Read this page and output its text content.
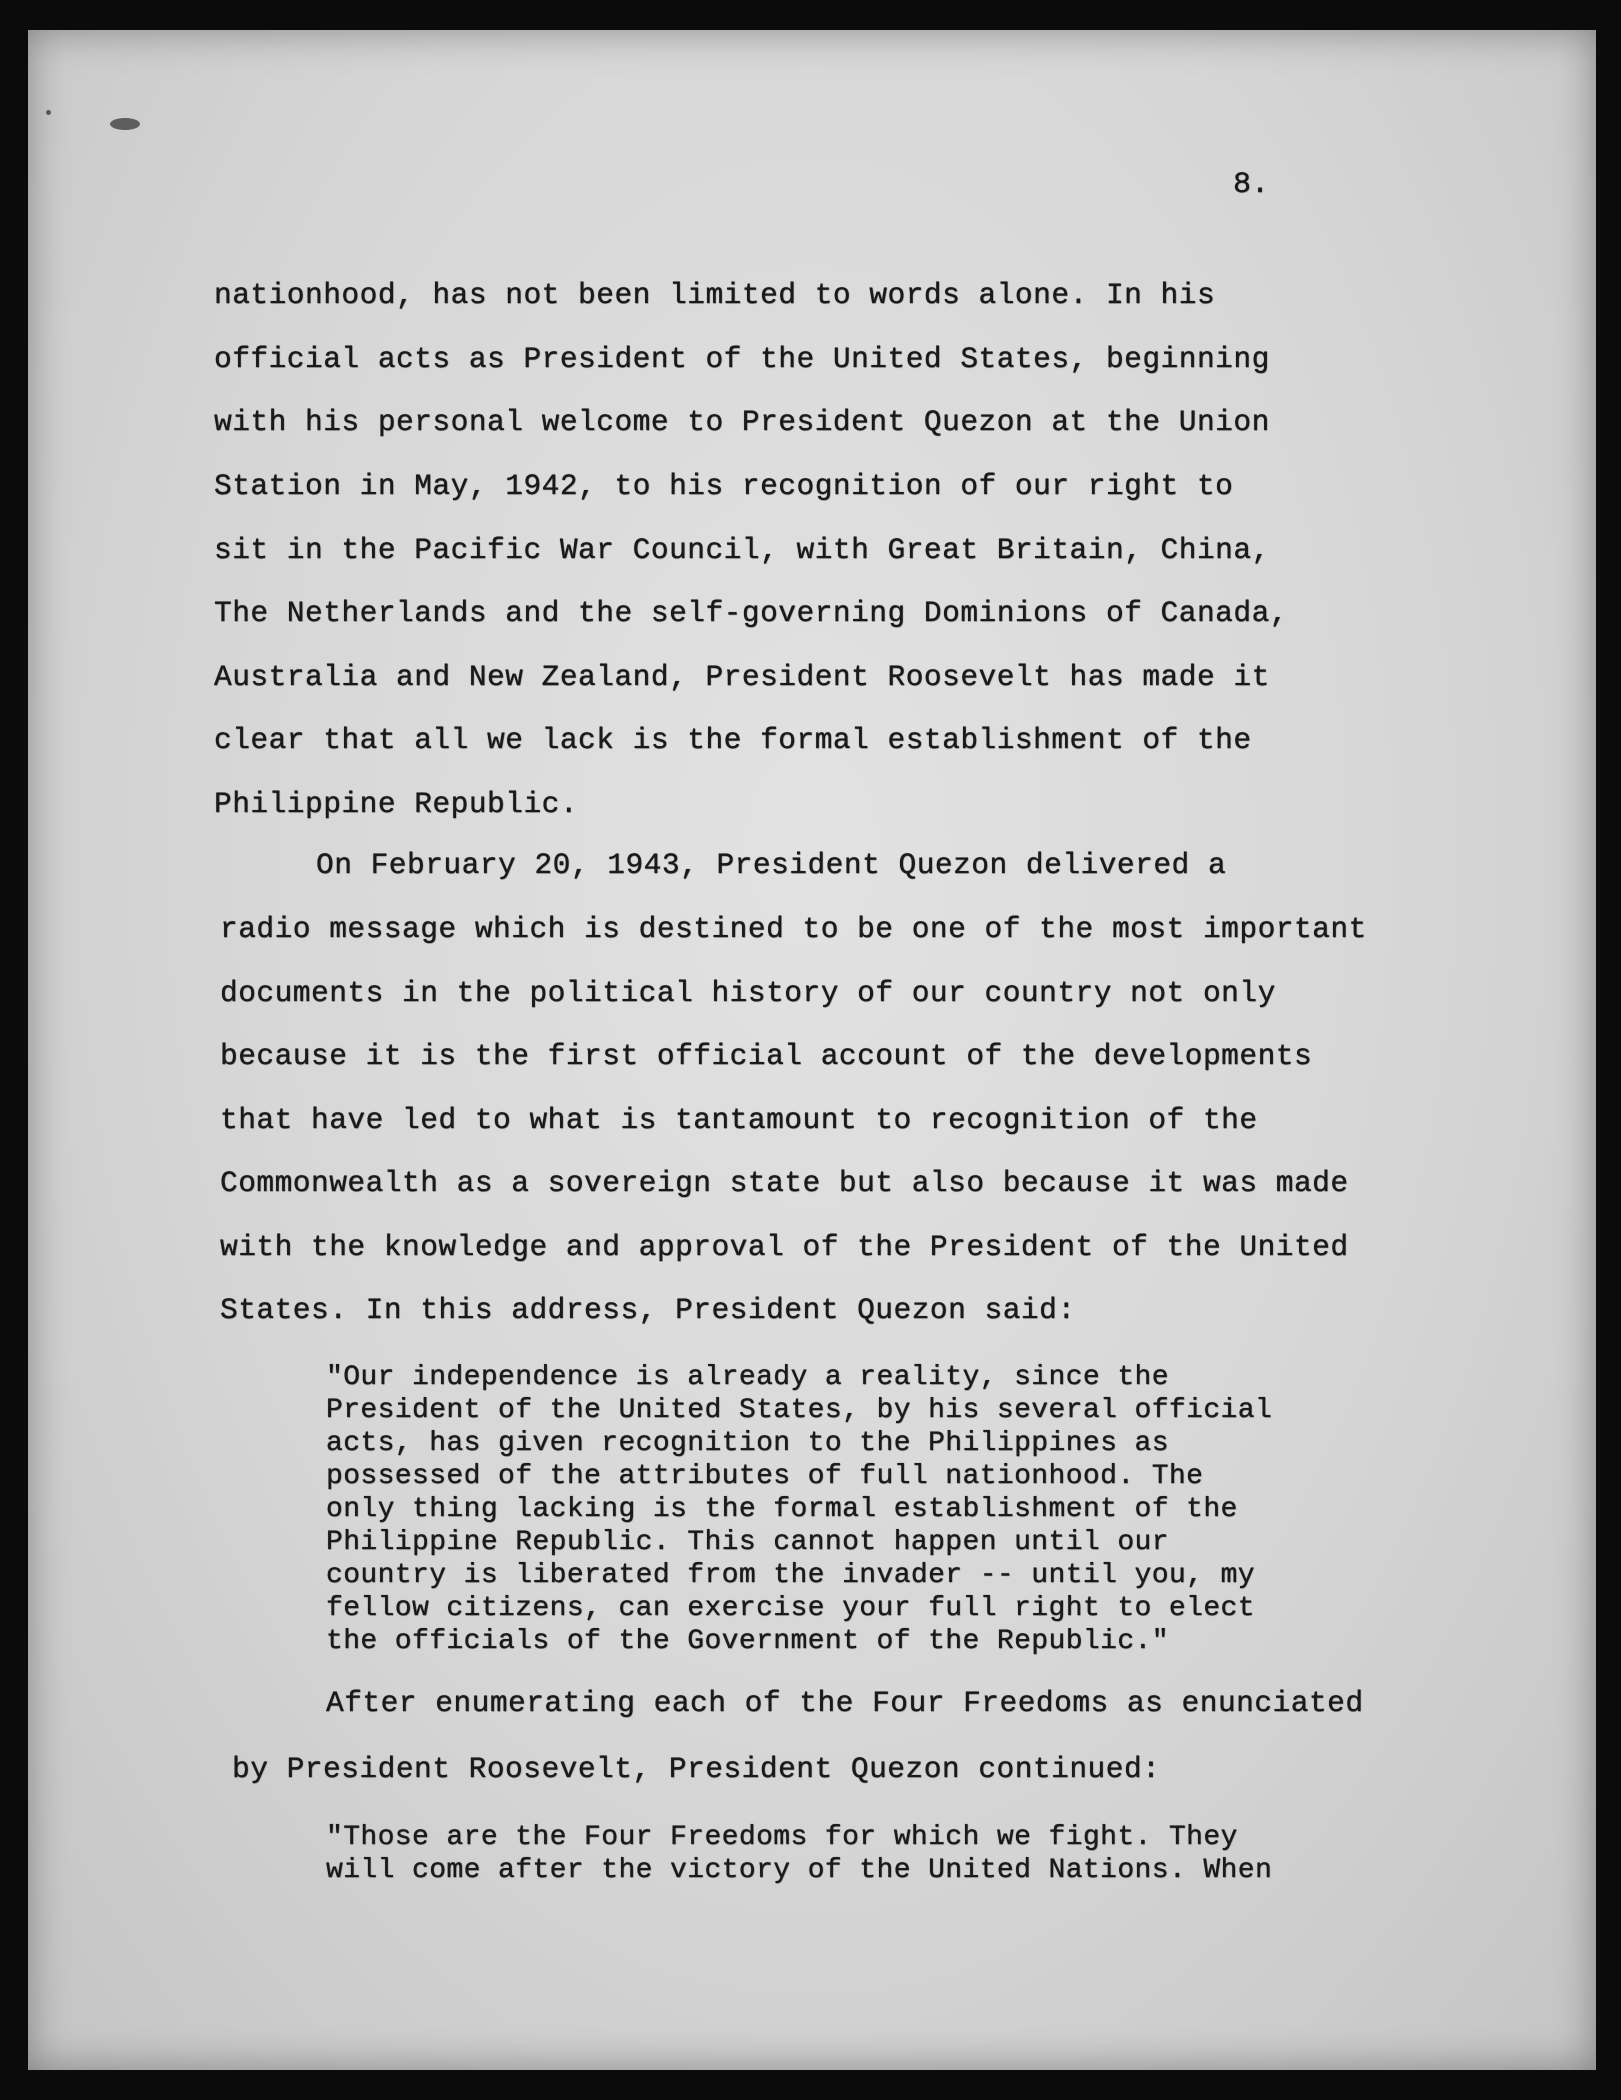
8.
nationhood, has not been limited to words alone. In his
official acts as President of the United States, beginning
with his personal welcome to President Quezon at the Union
Station in May, 1942, to his recognition of our right to
sit in the Pacific War Council, with Great Britain, China,
The Netherlands and the self-governing Dominions of Canada,
Australia and New Zealand, President Roosevelt has made it
clear that all we lack is the formal establishment of the
Philippine Republic.
On February 20, 1943, President Quezon delivered a
radio message which is destined to be one of the most important
documents in the political history of our country not only
because it is the first official account of the developments
that have led to what is tantamount to recognition of the
Commonwealth as a sovereign state but also because it was made
with the knowledge and approval of the President of the United
States. In this address, President Quezon said:
"Our independence is already a reality, since the
President of the United States, by his several official
acts, has given recognition to the Philippines as
possessed of the attributes of full nationhood. The
only thing lacking is the formal establishment of the
Philippine Republic. This cannot happen until our
country is liberated from the invader -- until you, my
fellow citizens, can exercise your full right to elect
the officials of the Government of the Republic."
After enumerating each of the Four Freedoms as enunciated
by President Roosevelt, President Quezon continued:
"Those are the Four Freedoms for which we fight. They
will come after the victory of the United Nations. When
